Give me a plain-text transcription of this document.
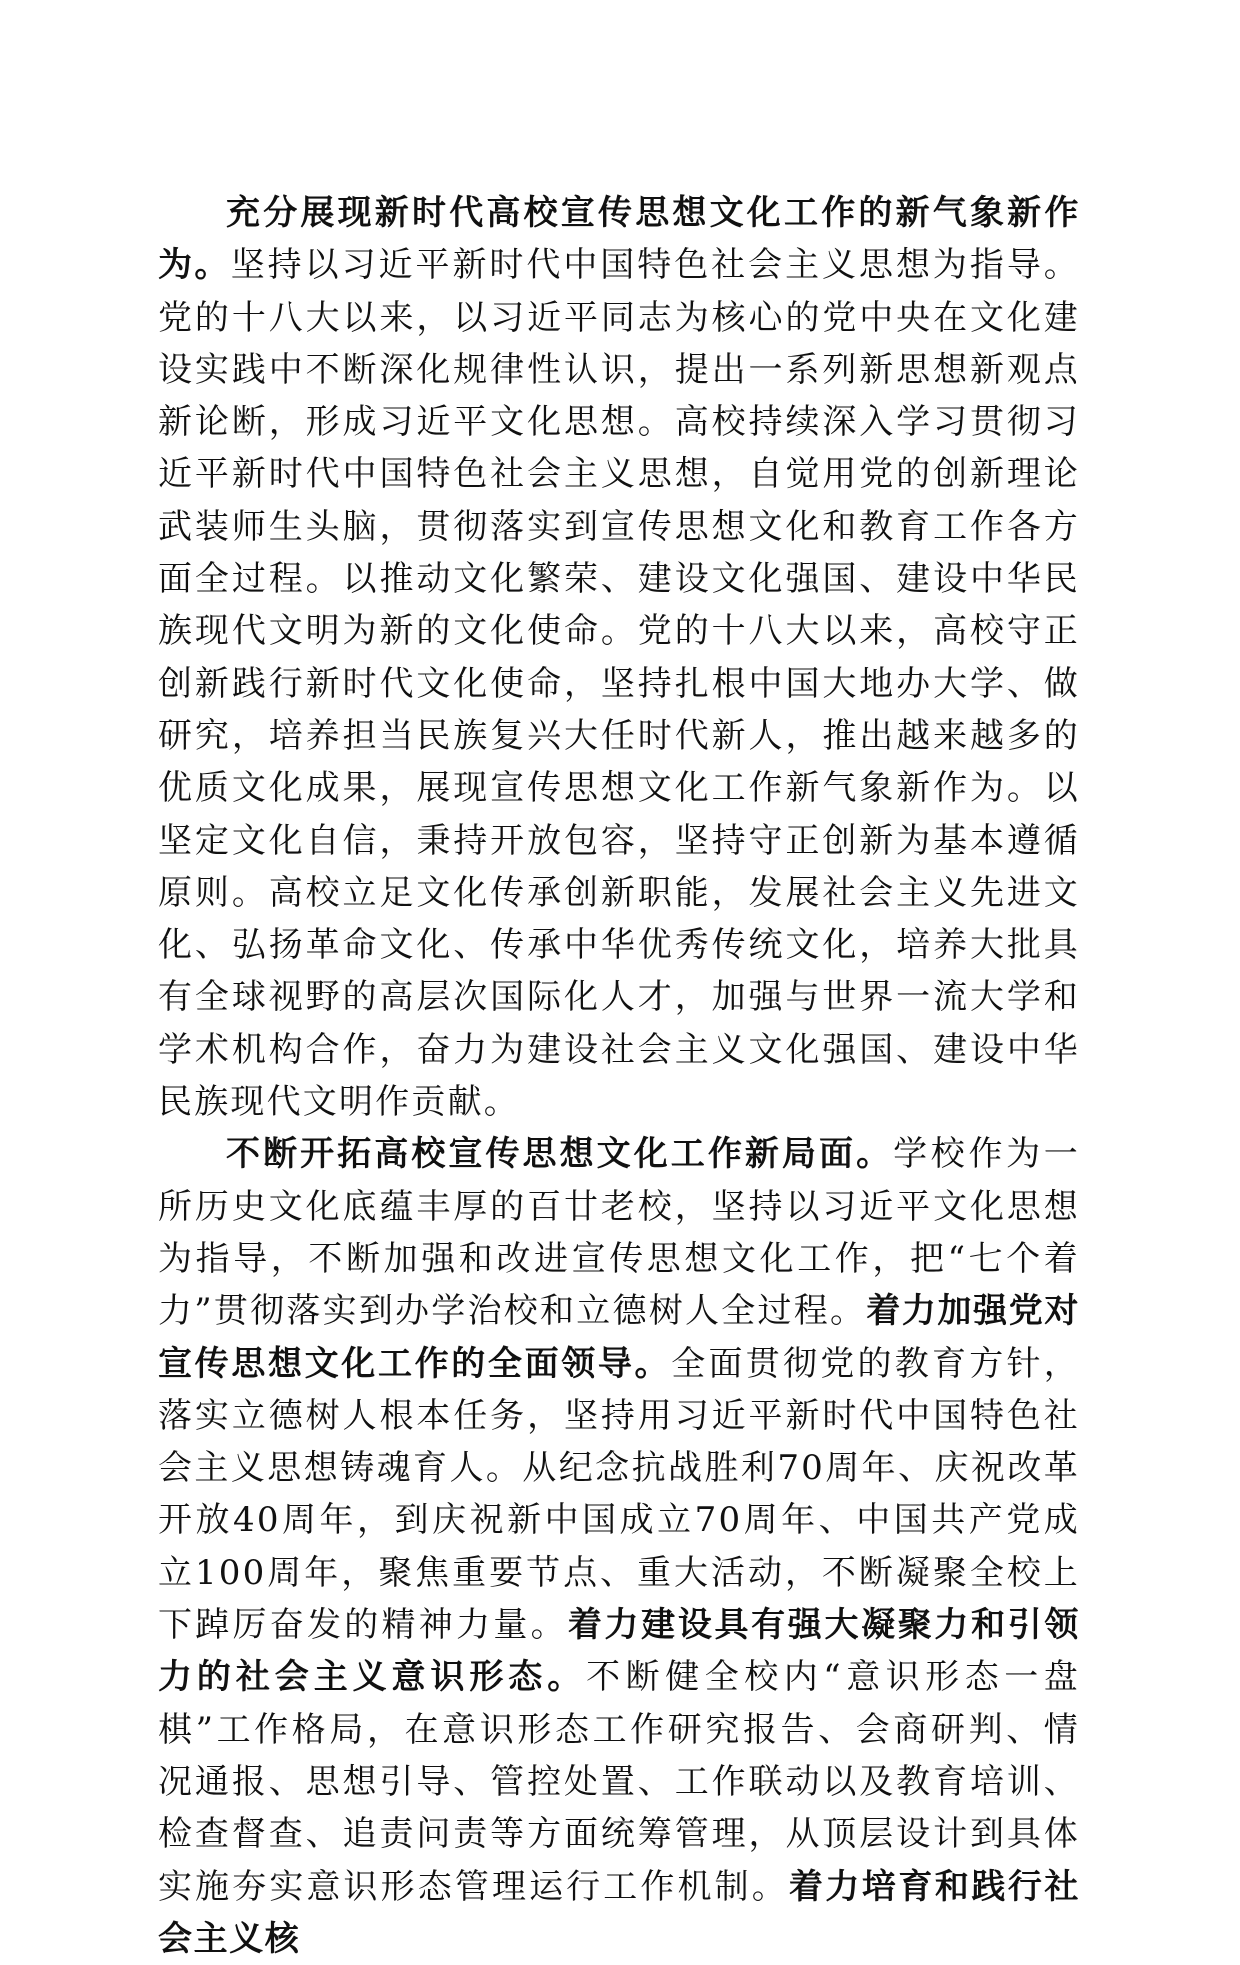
充分展现新时代高校宣传思想文化工作的新气象新作为。坚持以习近平新时代中国特色社会主义思想为指导。党的十八大以来，以习近平同志为核心的党中央在文化建设实践中不断深化规律性认识，提出一系列新思想新观点新论断，形成习近平文化思想。高校持续深入学习贯彻习近平新时代中国特色社会主义思想，自觉用党的创新理论武装师生头脑，贯彻落实到宣传思想文化和教育工作各方面全过程。以推动文化繁荣、建设文化强国、建设中华民族现代文明为新的文化使命。党的十八大以来，高校守正创新践行新时代文化使命，坚持扎根中国大地办大学、做研究，培养担当民族复兴大任时代新人，推出越来越多的优质文化成果，展现宣传思想文化工作新气象新作为。以坚定文化自信，秉持开放包容，坚持守正创新为基本遵循原则。高校立足文化传承创新职能，发展社会主义先进文化、弘扬革命文化、传承中华优秀传统文化，培养大批具有全球视野的高层次国际化人才，加强与世界一流大学和学术机构合作，奋力为建设社会主义文化强国、建设中华民族现代文明作贡献。

不断开拓高校宣传思想文化工作新局面。学校作为一所历史文化底蕴丰厚的百廿老校，坚持以习近平文化思想为指导，不断加强和改进宣传思想文化工作，把“七个着力”贯彻落实到办学治校和立德树人全过程。着力加强党对宣传思想文化工作的全面领导。全面贯彻党的教育方针，落实立德树人根本任务，坚持用习近平新时代中国特色社会主义思想铸魂育人。从纪念抗战胜利70周年、庆祝改革开放40周年，到庆祝新中国成立70周年、中国共产党成立100周年，聚焦重要节点、重大活动，不断凝聚全校上下踔厉奋发的精神力量。着力建设具有强大凝聚力和引领力的社会主义意识形态。不断健全校内“意识形态一盘棋”工作格局，在意识形态工作研究报告、会商研判、情况通报、思想引导、管控处置、工作联动以及教育培训、检查督查、追责问责等方面统筹管理，从顶层设计到具体实施夯实意识形态管理运行工作机制。着力培育和践行社会主义核
